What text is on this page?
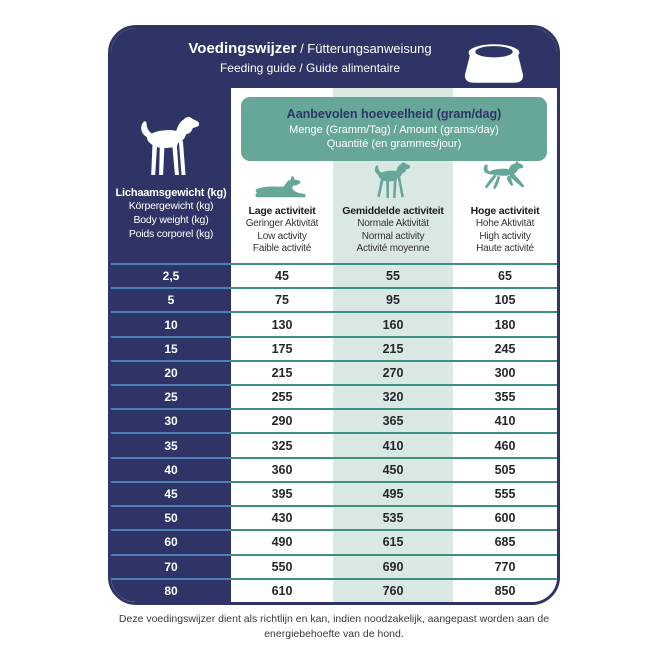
Voedingswijzer / Fütterungsanweisung
Feeding guide / Guide alimentaire
Lichaamsgewicht (kg)
Körpergewicht (kg)
Body weight (kg)
Poids corporel (kg)
Aanbevolen hoeveelheid (gram/dag)
Menge (Gramm/Tag) / Amount (grams/day)
Quantité (en grammes/jour)
Lage activiteit
Geringer Aktivität
Low activity
Faible activité
Gemiddelde activiteit
Normale Aktivität
Normal activity
Activité moyenne
Hoge activiteit
Hohe Aktivität
High activity
Haute activité
2,5	45	55	65
5	75	95	105
10	130	160	180
15	175	215	245
20	215	270	300
25	255	320	355
30	290	365	410
35	325	410	460
40	360	450	505
45	395	495	555
50	430	535	600
60	490	615	685
70	550	690	770
80	610	760	850
Deze voedingswijzer dient als richtlijn en kan, indien noodzakelijk, aangepast worden aan de
energiebehoefte van de hond.
